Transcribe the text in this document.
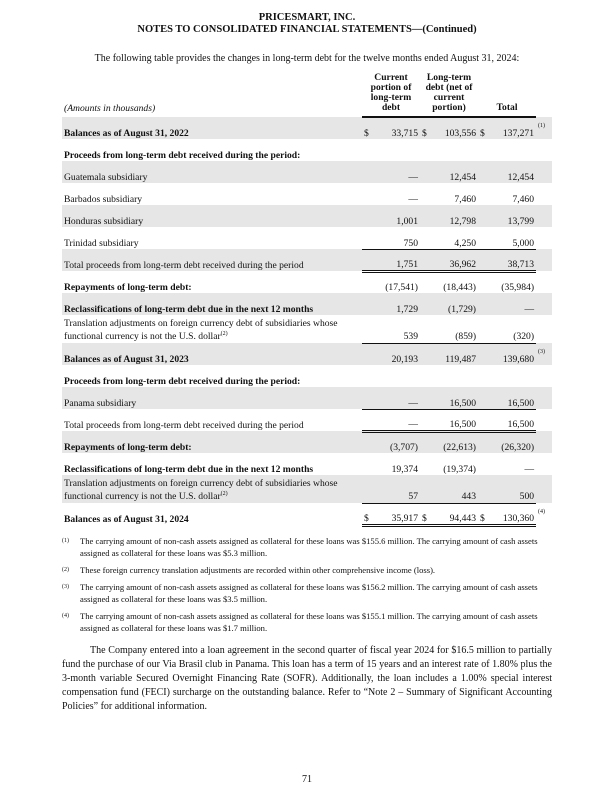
PRICESMART, INC.
NOTES TO CONSOLIDATED FINANCIAL STATEMENTS—(Continued)
The following table provides the changes in long-term debt for the twelve months ended August 31, 2024:
(Amounts in thousands)	Current portion of long-term debt		Long-term debt (net of current portion)		Total		
Balances as of August 31, 2022	$	33,715	$	103,556	$	137,271	(1)
Proceeds from long-term debt received during the period:							
Guatemala subsidiary		—		12,454		12,454	
Barbados subsidiary		—		7,460		7,460	
Honduras subsidiary		1,001		12,798		13,799	
Trinidad subsidiary		750		4,250		5,000	
Total proceeds from long-term debt received during the period		1,751		36,962		38,713	
Repayments of long-term debt:		(17,541)		(18,443)		(35,984)	
Reclassifications of long-term debt due in the next 12 months		1,729		(1,729)		—	
Translation adjustments on foreign currency debt of subsidiaries whose functional currency is not the U.S. dollar$^{(2)}$		539		(859)		(320)	
Balances as of August 31, 2023		20,193		119,487		139,680	(3)
Proceeds from long-term debt received during the period:							
Panama subsidiary		—		16,500		16,500	
Total proceeds from long-term debt received during the period		—		16,500		16,500	
Repayments of long-term debt:		(3,707)		(22,613)		(26,320)	
Reclassifications of long-term debt due in the next 12 months		19,374		(19,374)		—	
Translation adjustments on foreign currency debt of subsidiaries whose functional currency is not the U.S. dollar$^{(2)}$		57		443		500	
Balances as of August 31, 2024	$	35,917	$	94,443	$	130,360	(4)
(1)	The carrying amount of non-cash assets assigned as collateral for these loans was $155.6 million. The carrying amount of cash assets assigned as collateral for these loans was $5.3 million.
(2)	These foreign currency translation adjustments are recorded within other comprehensive income (loss).
(3)	The carrying amount of non-cash assets assigned as collateral for these loans was $156.2 million. The carrying amount of cash assets assigned as collateral for these loans was $3.5 million.
(4)	The carrying amount of non-cash assets assigned as collateral for these loans was $155.1 million. The carrying amount of cash assets assigned as collateral for these loans was $1.7 million.
The Company entered into a loan agreement in the second quarter of fiscal year 2024 for $16.5 million to partially fund the purchase of our Via Brasil club in Panama. This loan has a term of 15 years and an interest rate of 1.80% plus the 3-month variable Secured Overnight Financing Rate (SOFR). Additionally, the loan includes a 1.00% special interest compensation fund (FECI) surcharge on the outstanding balance. Refer to “Note 2 – Summary of Significant Accounting Policies” for additional information.
71
